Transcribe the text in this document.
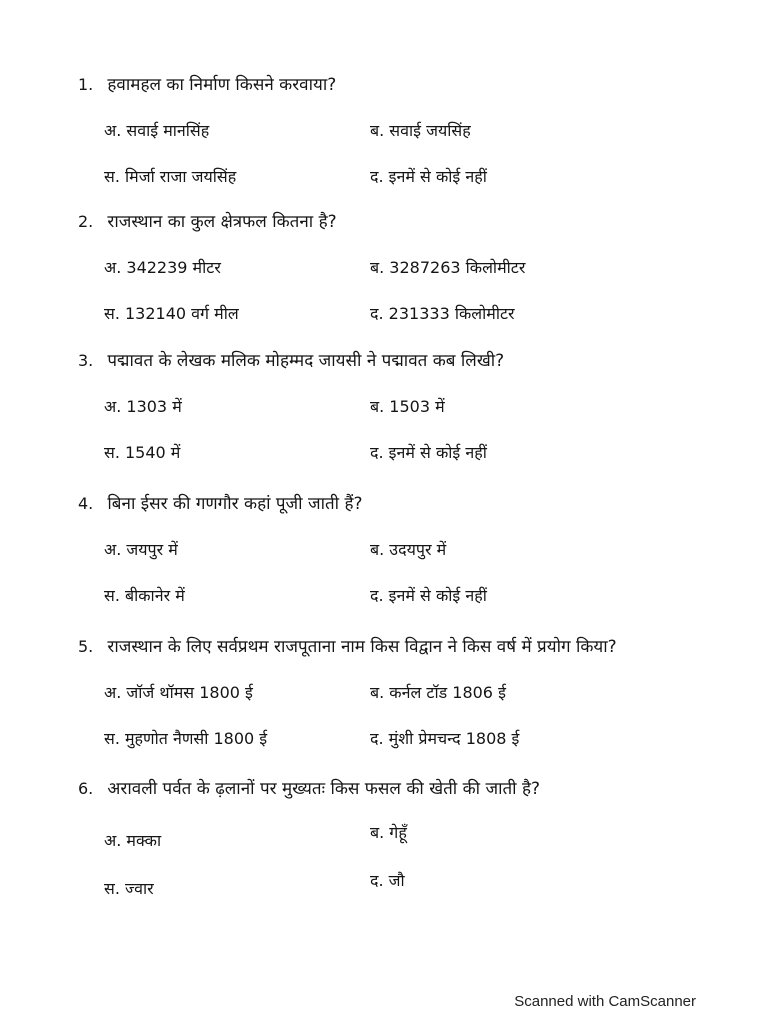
1. हवामहल का निर्माण किसने करवाया?
अ. सवाई मानसिंह	ब. सवाई जयसिंह
स. मिर्जा राजा जयसिंह	द. इनमें से कोई नहीं
2. राजस्थान का कुल क्षेत्रफल कितना है?
अ. 342239 मीटर	ब. 3287263 किलोमीटर
स. 132140 वर्ग मील	द. 231333 किलोमीटर
3. पद्मावत के लेखक मलिक मोहम्मद जायसी ने पद्मावत कब लिखी?
अ. 1303 में	ब. 1503 में
स. 1540 में	द. इनमें से कोई नहीं
4. बिना ईसर की गणगौर कहां पूजी जाती हैं?
अ. जयपुर में	ब. उदयपुर में
स. बीकानेर में	द. इनमें से कोई नहीं
5. राजस्थान के लिए सर्वप्रथम राजपूताना नाम किस विद्वान ने किस वर्ष में प्रयोग किया?
अ. जॉर्ज थॉमस 1800 ई	ब. कर्नल टॉड 1806 ई
स. मुहणोत नैणसी 1800 ई	द. मुंशी प्रेमचन्द 1808 ई
6. अरावली पर्वत के ढ़लानों पर मुख्यतः किस फसल की खेती की जाती है?
अ. मक्का	ब. गेहूँ
स. ज्वार	द. जौ
Scanned with CamScanner
